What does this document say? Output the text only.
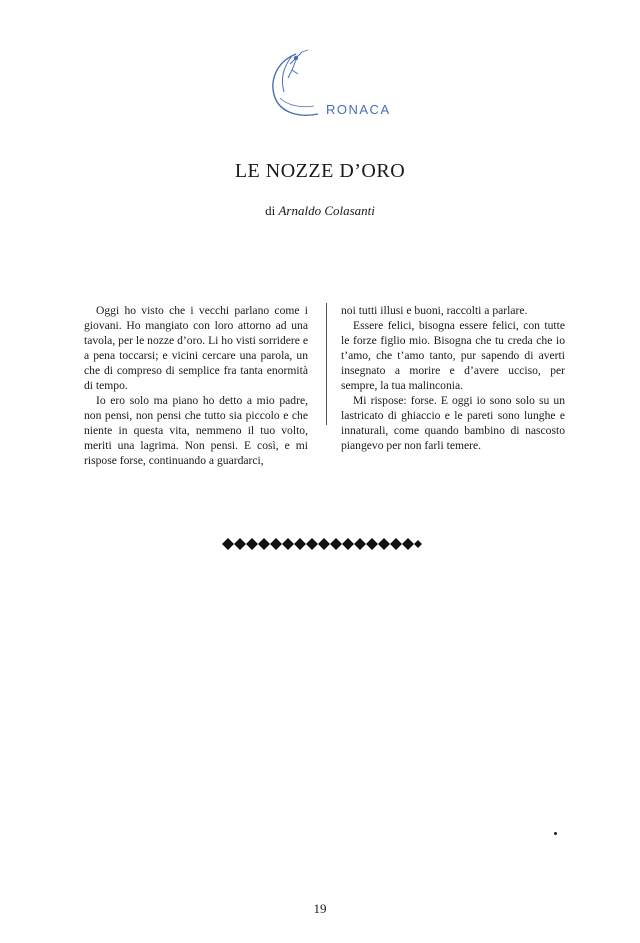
RONACA
LE NOZZE D’ORO
di Arnaldo Colasanti

Oggi ho visto che i vecchi parlano come i giovani. Ho mangiato con loro attorno ad una tavola, per le nozze d’oro. Li ho visti sorridere e a pena toccarsi; e vicini cercare una parola, un che di compreso di semplice fra tanta enormità di tempo.

Io ero solo ma piano ho detto a mio padre, non pensi, non pensi che tutto sia piccolo e che niente in questa vita, nemmeno il tuo volto, meriti una lagrima. Non pensi. E così, e mi rispose forse, continuando a guardarci,

noi tutti illusi e buoni, raccolti a parlare.

Essere felici, bisogna essere felici, con tutte le forze figlio mio. Bisogna che tu creda che io t’amo, che t’amo tanto, pur sapendo di averti insegnato a morire e d’avere ucciso, per sempre, la tua malinconia.

Mi rispose: forse. E oggi io sono solo su un lastricato di ghiaccio e le pareti sono lunghe e innaturali, come quando bambino di nascosto piangevo per non farli temere.

19
